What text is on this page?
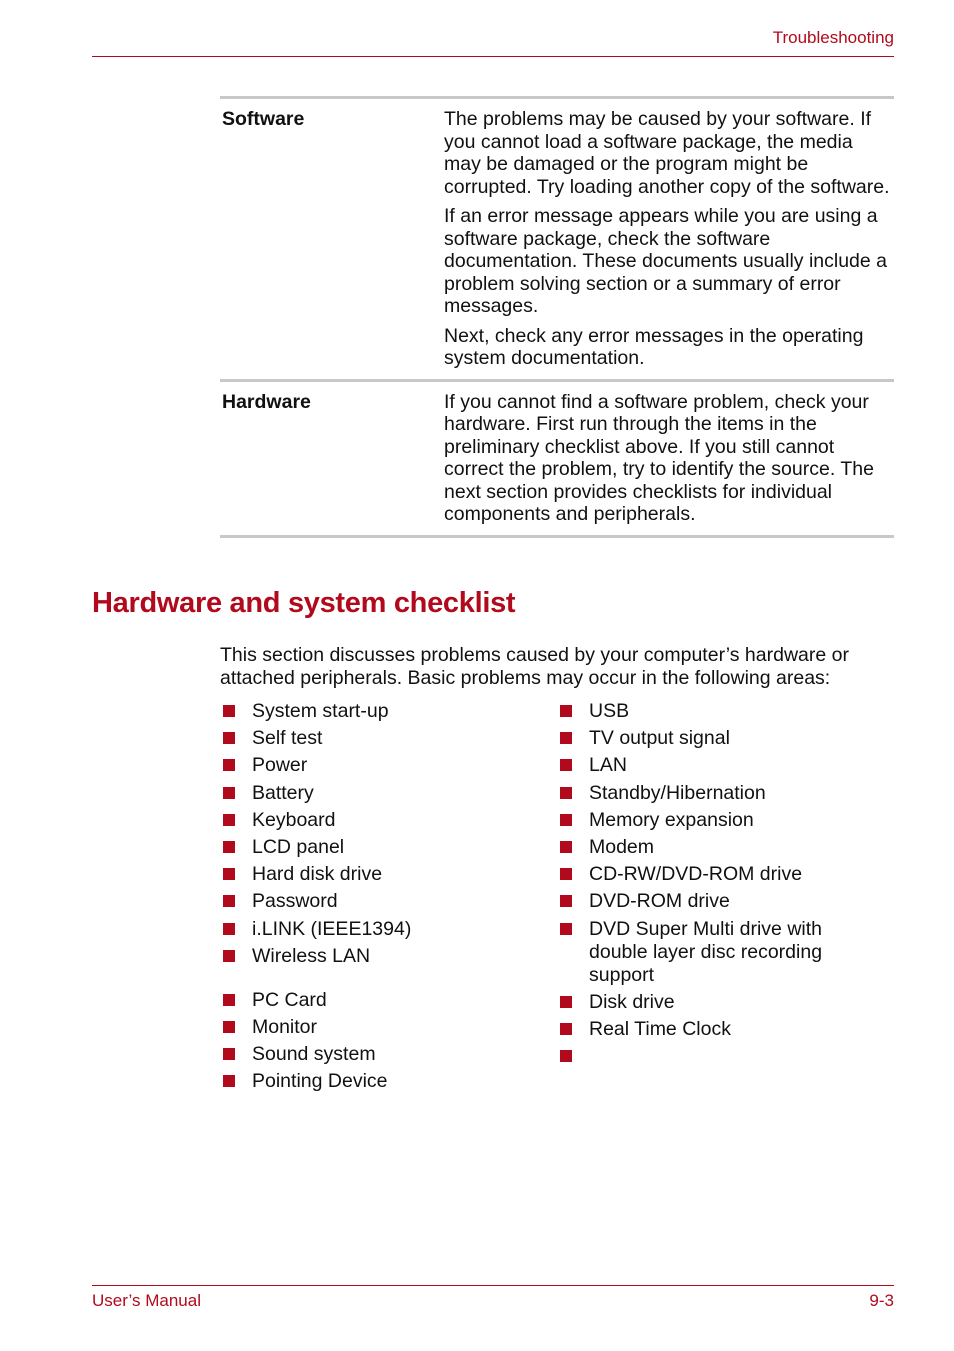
Troubleshooting
Software	The problems may be caused by your software. If you cannot load a software package, the media may be damaged or the program might be corrupted. Try loading another copy of the software.

If an error message appears while you are using a software package, check the software documentation. These documents usually include a problem solving section or a summary of error messages.

Next, check any error messages in the operating system documentation.

Hardware	If you cannot find a software problem, check your hardware. First run through the items in the preliminary checklist above. If you still cannot correct the problem, try to identify the source. The next section provides checklists for individual components and peripherals.

Hardware and system checklist

This section discusses problems caused by your computer’s hardware or attached peripherals. Basic problems may occur in the following areas:

System start-up
Self test
Power
Battery
Keyboard
LCD panel
Hard disk drive
Password
i.LINK (IEEE1394)
Wireless LAN
PC Card
Monitor
Sound system
Pointing Device
USB
TV output signal
LAN
Standby/Hibernation
Memory expansion
Modem
CD-RW/DVD-ROM drive
DVD-ROM drive
DVD Super Multi drive with double layer disc recording support
Disk drive
Real Time Clock
User’s Manual	9-3
